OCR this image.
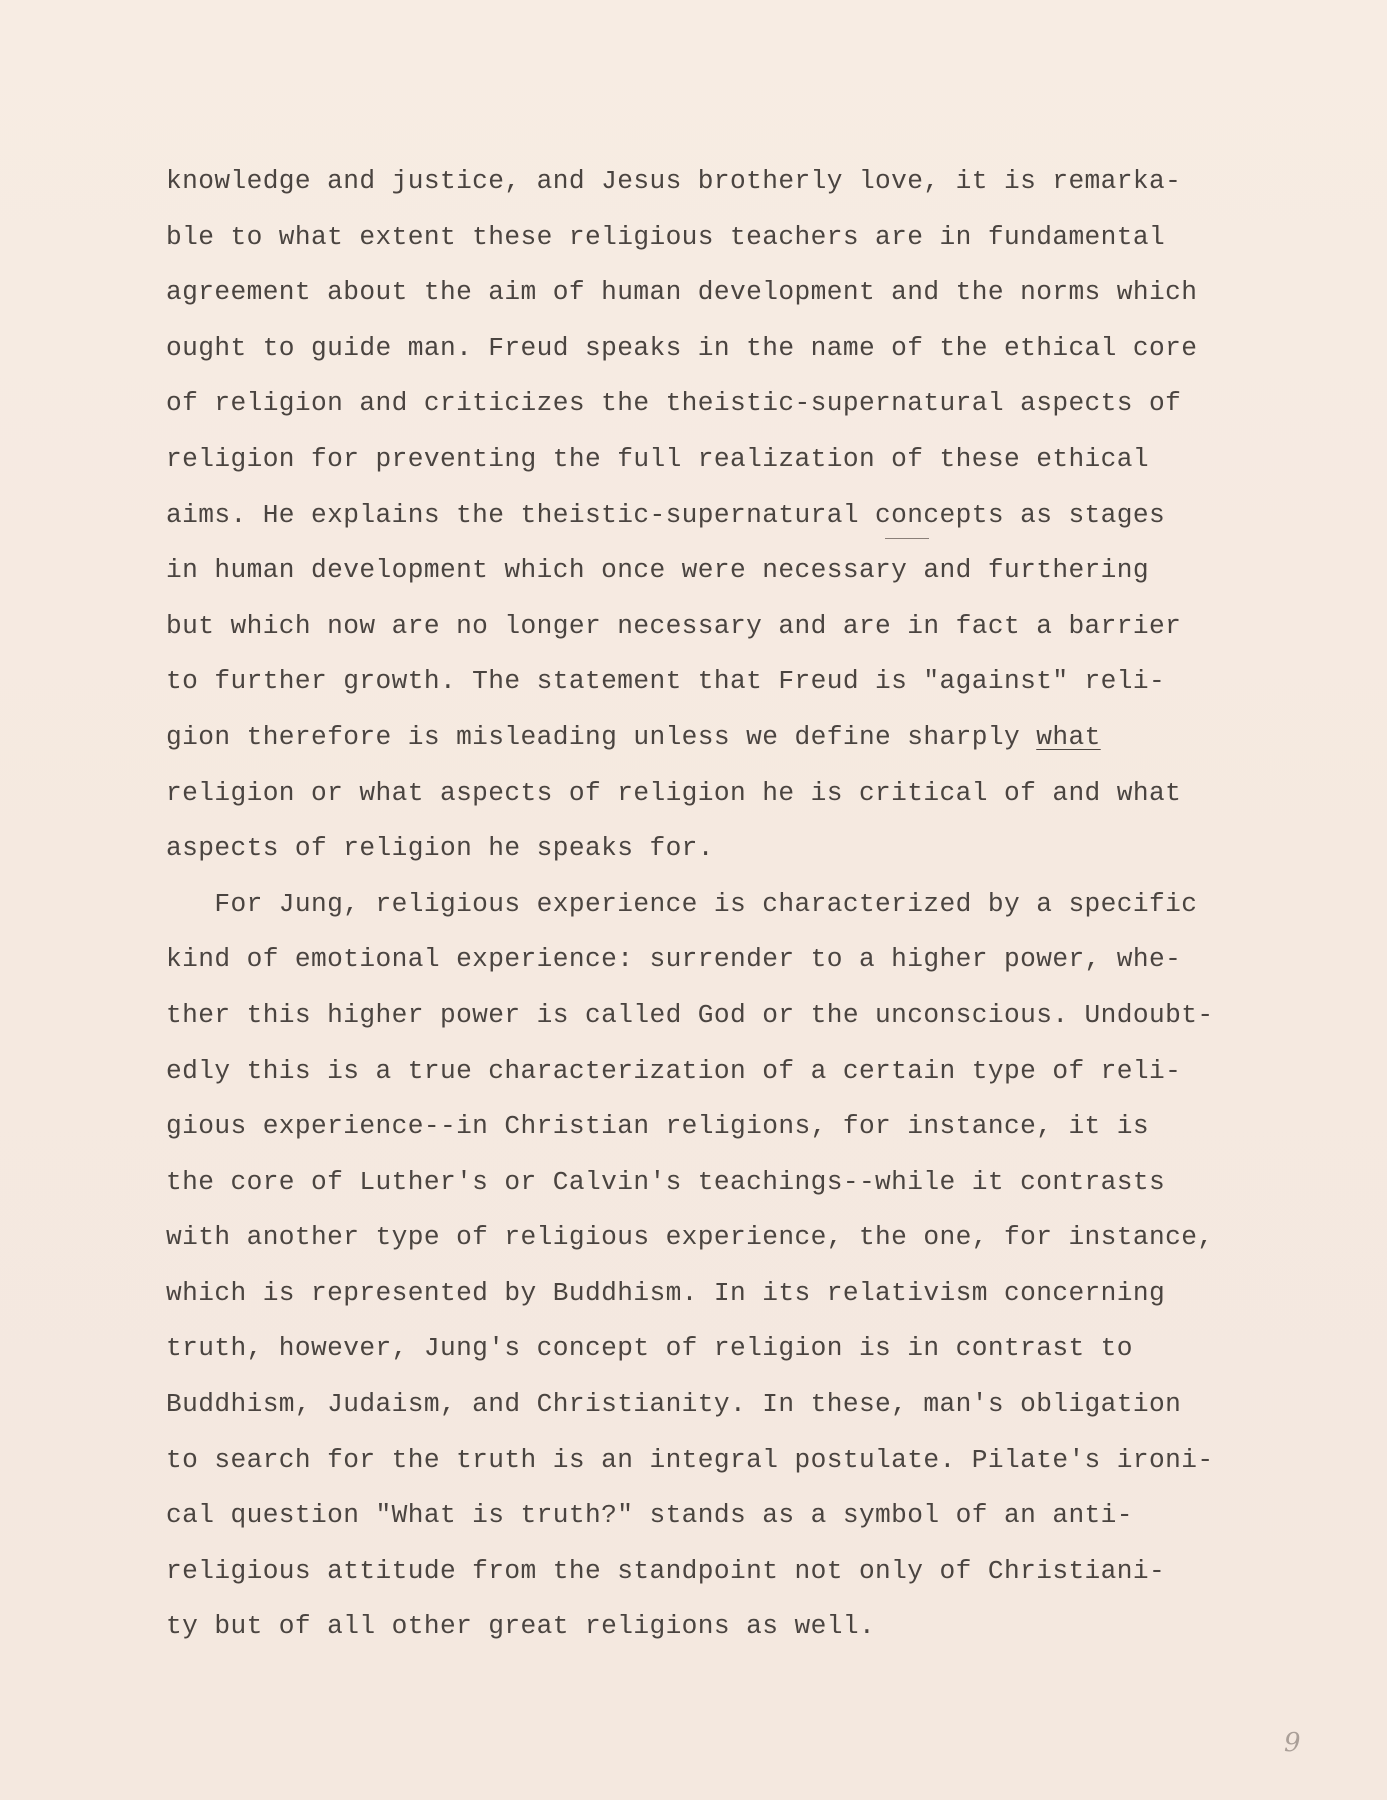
knowledge and justice, and Jesus brotherly love, it is remarka-
ble to what extent these religious teachers are in fundamental
agreement about the aim of human development and the norms which
ought to guide man. Freud speaks in the name of the ethical core
of religion and criticizes the theistic-supernatural aspects of
religion for preventing the full realization of these ethical
aims. He explains the theistic-supernatural concepts as stages
in human development which once were necessary and furthering
but which now are no longer necessary and are in fact a barrier
to further growth. The statement that Freud is "against" reli-
gion therefore is misleading unless we define sharply what
religion or what aspects of religion he is critical of and what
aspects of religion he speaks for.
For Jung, religious experience is characterized by a specific
kind of emotional experience: surrender to a higher power, whe-
ther this higher power is called God or the unconscious. Undoubt-
edly this is a true characterization of a certain type of reli-
gious experience--in Christian religions, for instance, it is
the core of Luther's or Calvin's teachings--while it contrasts
with another type of religious experience, the one, for instance,
which is represented by Buddhism. In its relativism concerning
truth, however, Jung's concept of religion is in contrast to
Buddhism, Judaism, and Christianity. In these, man's obligation
to search for the truth is an integral postulate. Pilate's ironi-
cal question "What is truth?" stands as a symbol of an anti-
religious attitude from the standpoint not only of Christiani-
ty but of all other great religions as well.
9
